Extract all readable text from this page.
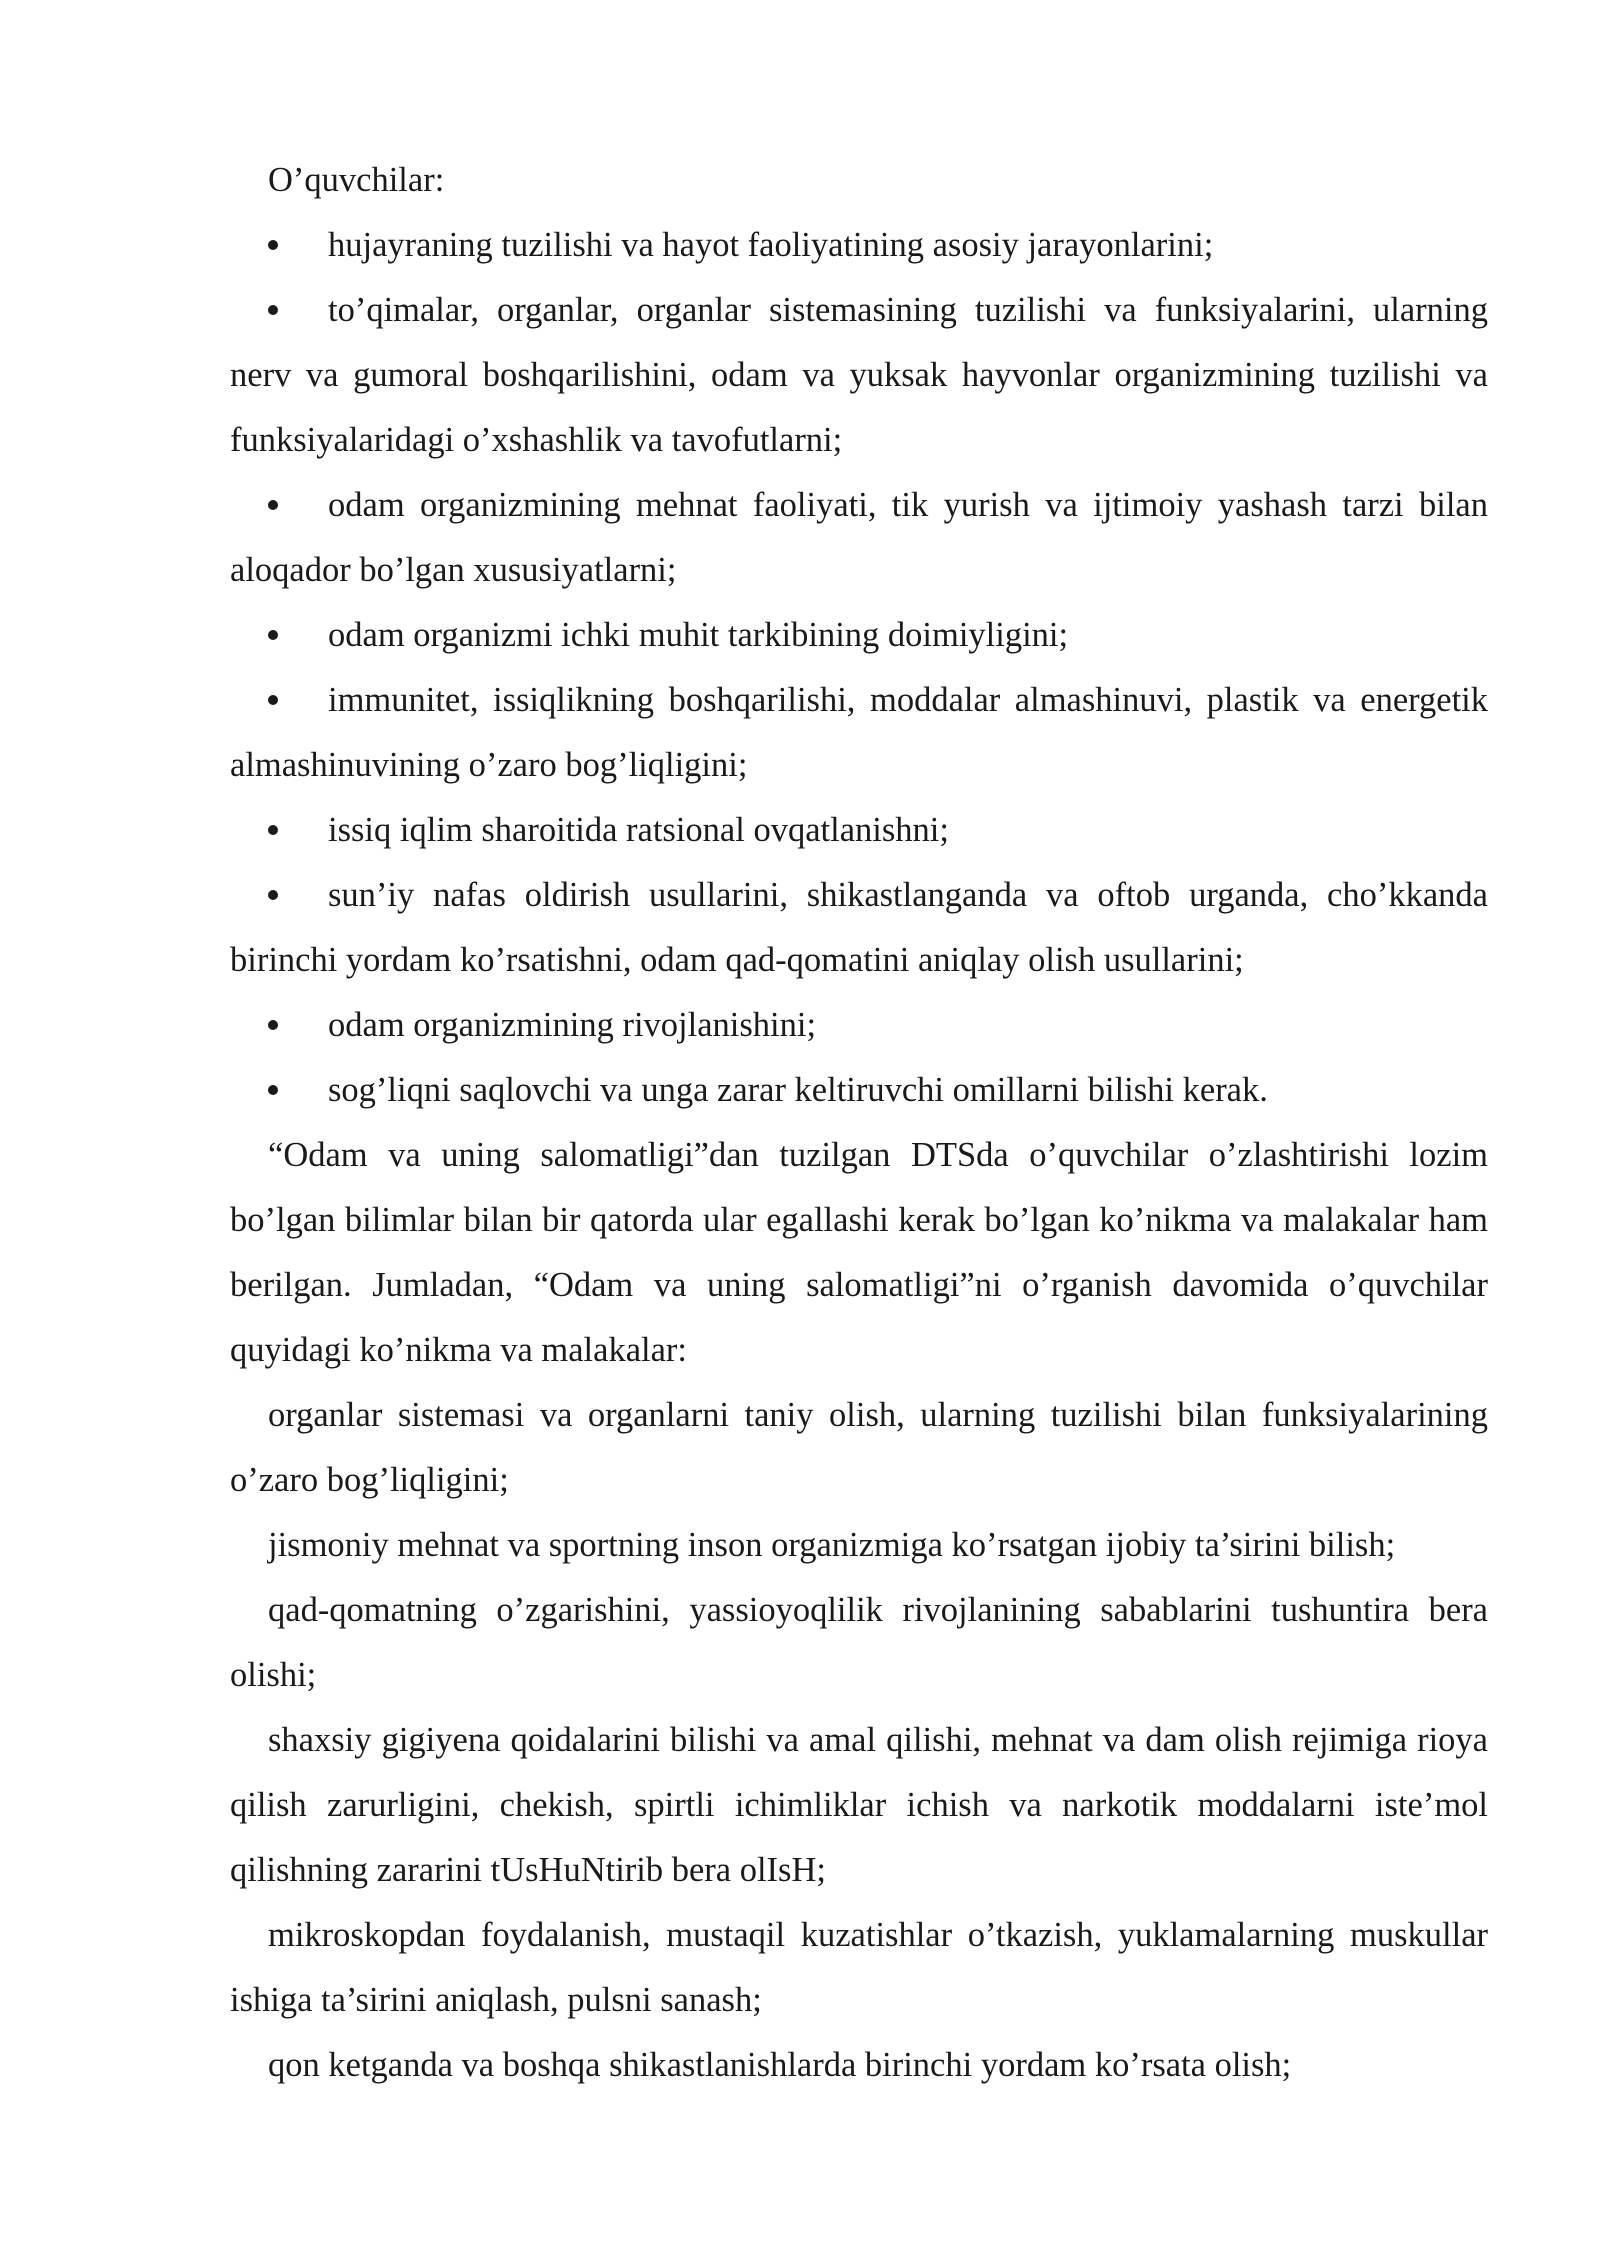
O’quvchilar:

hujayraning tuzilishi va hayot faoliyatining asosiy jarayonlarini;

to’qimalar, organlar, organlar sistemasining tuzilishi va funksiyalarini, ularning nerv va gumoral boshqarilishini, odam va yuksak hayvonlar organizmining tuzilishi va funksiyalaridagi o’xshashlik va tavofutlarni;

odam organizmining mehnat faoliyati, tik yurish va ijtimoiy yashash tarzi bilan aloqador bo’lgan xususiyatlarni;

odam organizmi ichki muhit tarkibining doimiyligini;

immunitet, issiqlikning boshqarilishi, moddalar almashinuvi, plastik va energetik almashinuvining o’zaro bog’liqligini;

issiq iqlim sharoitida ratsional ovqatlanishni;

sun’iy nafas oldirish usullarini, shikastlanganda va oftob urganda, cho’kkanda birinchi yordam ko’rsatishni, odam qad-qomatini aniqlay olish usullarini;

odam organizmining rivojlanishini;

sog’liqni saqlovchi va unga zarar keltiruvchi omillarni bilishi kerak.

“Odam va uning salomatligi”dan tuzilgan DTSda o’quvchilar o’zlashtirishi lozim bo’lgan bilimlar bilan bir qatorda ular egallashi kerak bo’lgan ko’nikma va malakalar ham berilgan. Jumladan, “Odam va uning salomatligi”ni o’rganish davomida o’quvchilar quyidagi ko’nikma va malakalar:

organlar sistemasi va organlarni taniy olish, ularning tuzilishi bilan funksiyalarining o’zaro bog’liqligini;

jismoniy mehnat va sportning inson organizmiga ko’rsatgan ijobiy ta’sirini bilish;

qad-qomatning o’zgarishini, yassioyoqlilik rivojlanining sabablarini tushuntira bera olishi;

shaxsiy gigiyena qoidalarini bilishi va amal qilishi, mehnat va dam olish rejimiga rioya qilish zarurligini, chekish, spirtli ichimliklar ichish va narkotik moddalarni iste’mol qilishning zararini tUsHuNtirib bera olIsH;

mikroskopdan foydalanish, mustaqil kuzatishlar o’tkazish, yuklamalarning muskullar ishiga ta’sirini aniqlash, pulsni sanash;

qon ketganda va boshqa shikastlanishlarda birinchi yordam ko’rsata olish;
